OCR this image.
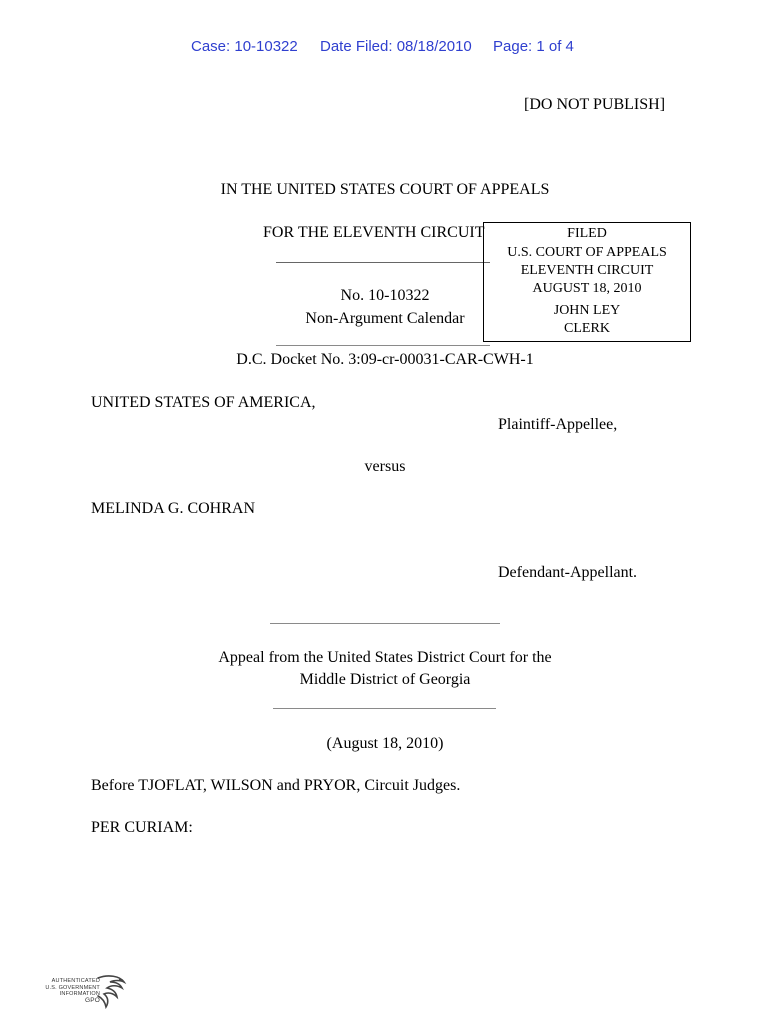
Case: 10-10322 Date Filed: 08/18/2010 Page: 1 of 4
[DO NOT PUBLISH]
IN THE UNITED STATES COURT OF APPEALS
FOR THE ELEVENTH CIRCUIT
No. 10-10322
Non-Argument Calendar
FILED
U.S. COURT OF APPEALS
ELEVENTH CIRCUIT
AUGUST 18, 2010
JOHN LEY
CLERK
D.C. Docket No. 3:09-cr-00031-CAR-CWH-1
UNITED STATES OF AMERICA,
Plaintiff-Appellee,
versus
MELINDA G. COHRAN
Defendant-Appellant.
Appeal from the United States District Court for the
Middle District of Georgia
(August 18, 2010)
Before TJOFLAT, WILSON and PRYOR, Circuit Judges.
PER CURIAM:
AUTHENTICATED
U.S. GOVERNMENT
INFORMATION
GPO
